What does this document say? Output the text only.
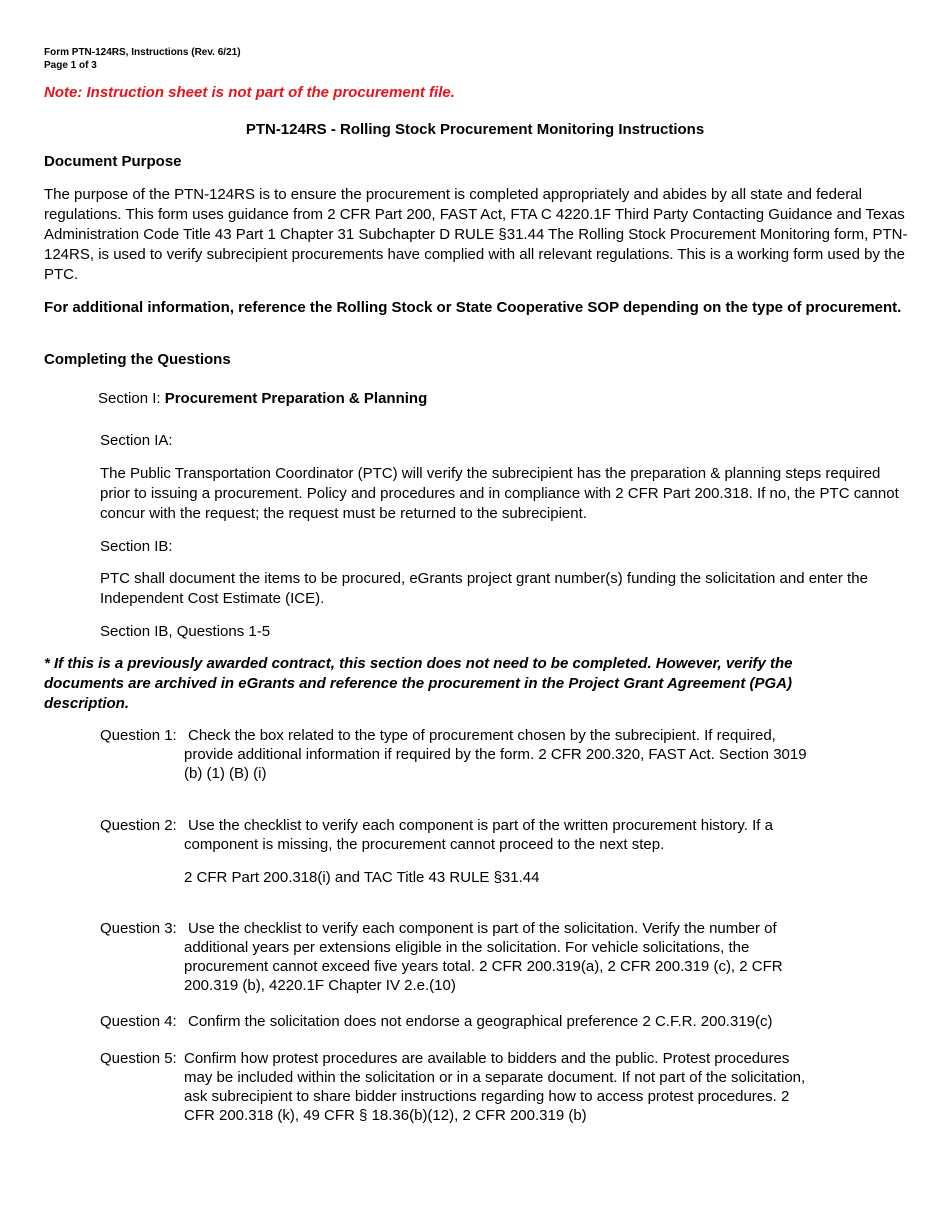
Form PTN-124RS, Instructions (Rev. 6/21)
Page 1 of 3

Note: Instruction sheet is not part of the procurement file.

PTN-124RS - Rolling Stock Procurement Monitoring Instructions

Document Purpose

The purpose of the PTN-124RS is to ensure the procurement is completed appropriately and abides by all state and federal regulations. This form uses guidance from 2 CFR Part 200, FAST Act, FTA C 4220.1F Third Party Contacting Guidance and Texas Administration Code Title 43 Part 1 Chapter 31 Subchapter D RULE §31.44 The Rolling Stock Procurement Monitoring form, PTN-124RS, is used to verify subrecipient procurements have complied with all relevant regulations. This is a working form used by the PTC.

For additional information, reference the Rolling Stock or State Cooperative SOP depending on the type of procurement.

Completing the Questions

Section I: Procurement Preparation & Planning

Section IA:

The Public Transportation Coordinator (PTC) will verify the subrecipient has the preparation & planning steps required prior to issuing a procurement. Policy and procedures and in compliance with 2 CFR Part 200.318. If no, the PTC cannot concur with the request; the request must be returned to the subrecipient.

Section IB:

PTC shall document the items to be procured, eGrants project grant number(s) funding the solicitation and enter the Independent Cost Estimate (ICE).

Section IB, Questions 1-5

* If this is a previously awarded contract, this section does not need to be completed. However, verify the documents are archived in eGrants and reference the procurement in the Project Grant Agreement (PGA) description.

Question 1: Check the box related to the type of procurement chosen by the subrecipient. If required, provide additional information if required by the form. 2 CFR 200.320, FAST Act. Section 3019 (b) (1) (B) (i)
Question 2: Use the checklist to verify each component is part of the written procurement history. If a component is missing, the procurement cannot proceed to the next step.

2 CFR Part 200.318(i) and TAC Title 43 RULE §31.44

Question 3: Use the checklist to verify each component is part of the solicitation. Verify the number of additional years per extensions eligible in the solicitation. For vehicle solicitations, the procurement cannot exceed five years total. 2 CFR 200.319(a), 2 CFR 200.319 (c), 2 CFR 200.319 (b), 4220.1F Chapter IV 2.e.(10)
Question 4: Confirm the solicitation does not endorse a geographical preference 2 C.F.R. 200.319(c)
Question 5: Confirm how protest procedures are available to bidders and the public. Protest procedures may be included within the solicitation or in a separate document. If not part of the solicitation, ask subrecipient to share bidder instructions regarding how to access protest procedures. 2 CFR 200.318 (k), 49 CFR § 18.36(b)(12), 2 CFR 200.319 (b)
